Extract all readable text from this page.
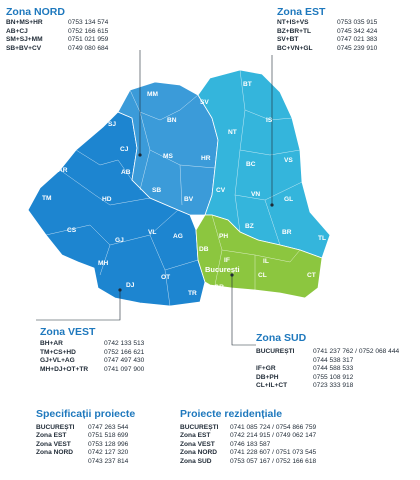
SM	MM
BT
SV
SJ
BN	IS
BH
CJ
MS
NT
HR	VS
BC
AR	AB
TM	HD
SB
BV
CV
VN
GL
CS
GJ
VL
AG	PH
BZ
BR
TL
DB
IF
București
IL
MH
DJ
OT
GR
CL	CT
TR
Zona NORD
BN+MS+HR	0753 134 574
AB+CJ	0752 166 615
SM+SJ+MM	0751 021 959
SB+BV+CV	0749 080 684
Zona EST
NT+IS+VS	0753 035 915
BZ+BR+TL	0745 342 424
SV+BT	0747 021 383
BC+VN+GL	0745 239 910
Zona VEST
BH+AR	0742 133 513
TM+CS+HD	0752 166 621
GJ+VL+AG	0747 497 430
MH+DJ+OT+TR	0741 097 900
Zona SUD
BUCUREȘTI	0741 237 762 / 0752 068 444
0744 538 317
IF+GR	0744 588 533
DB+PH	0755 108 912
CL+IL+CT	0723 333 918
Specificații proiecte
BUCUREȘTI	0747 263 544
Zona EST	0751 518 699
Zona VEST	0753 128 996
Zona NORD	0742 127 320
0743 237 814
Proiecte rezidențiale
BUCUREȘTI	0741 085 724 / 0754 866 759
Zona EST	0742 214 915 / 0749 062 147
Zona VEST	0746 183 587
Zona NORD	0741 228 607 / 0751 073 545
Zona SUD	0753 057 167 / 0752 166 618
